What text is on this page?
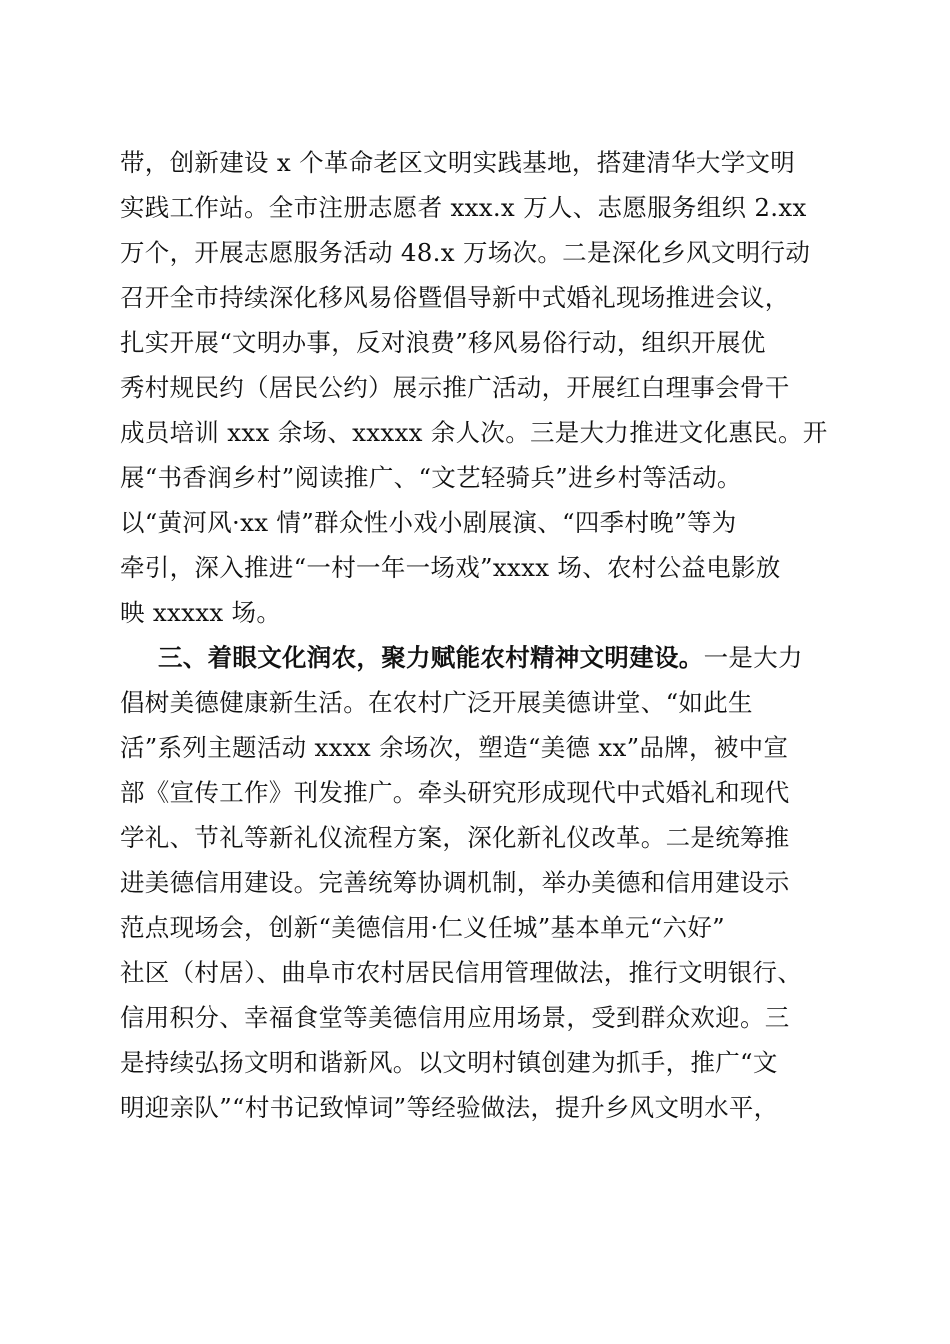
带，创新建设 x 个革命老区文明实践基地，搭建清华大学文明
实践工作站。全市注册志愿者 xxx.x 万人、志愿服务组织 2.xx
万个，开展志愿服务活动 48.x 万场次。二是深化乡风文明行动
召开全市持续深化移风易俗暨倡导新中式婚礼现场推进会议，
扎实开展“文明办事，反对浪费”移风易俗行动，组织开展优
秀村规民约（居民公约）展示推广活动，开展红白理事会骨干
成员培训 xxx 余场、xxxxx 余人次。三是大力推进文化惠民。开
展“书香润乡村”阅读推广、“文艺轻骑兵”进乡村等活动。
以“黄河风·xx 情”群众性小戏小剧展演、“四季村晚”等为
牵引，深入推进“一村一年一场戏”xxxx 场、农村公益电影放
映 xxxxx 场。
三、着眼文化润农，聚力赋能农村精神文明建设。一是大力
倡树美德健康新生活。在农村广泛开展美德讲堂、“如此生
活”系列主题活动 xxxx 余场次，塑造“美德 xx”品牌，被中宣
部《宣传工作》刊发推广。牵头研究形成现代中式婚礼和现代
学礼、节礼等新礼仪流程方案，深化新礼仪改革。二是统筹推
进美德信用建设。完善统筹协调机制，举办美德和信用建设示
范点现场会，创新“美德信用·仁义任城”基本单元“六好”
社区（村居）、曲阜市农村居民信用管理做法，推行文明银行、
信用积分、幸福食堂等美德信用应用场景，受到群众欢迎。三
是持续弘扬文明和谐新风。以文明村镇创建为抓手，推广“文
明迎亲队”“村书记致悼词”等经验做法，提升乡风文明水平，
